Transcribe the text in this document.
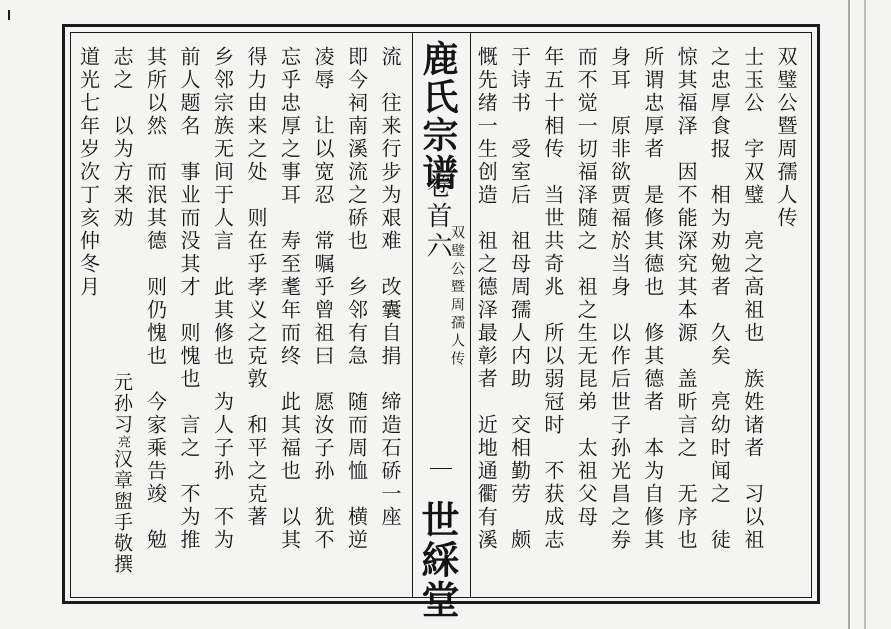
鹿氏宗谱
卷首六
双璧公暨周孺人传
世綵堂
双璧公暨周孺人传
士玉公　字双璧　亮之高祖也　族姓诸者　习以祖
之忠厚食报　相为劝勉者　久矣　亮幼时闻之　徒
惊其福泽　因不能深究其本源　盖昕言之　无序也
所谓忠厚者　是修其德也　修其德者　本为自修其
身耳　原非欲贾福於当身　以作后世子孙光昌之券
而不觉一切福泽随之　祖之生无昆弟　太祖父母
年五十相传　当世共奇兆　所以弱冠时　不获成志
于诗书　受室后　祖母周孺人内助　交相勤劳　颇
慨先绪一生创造　祖之德泽最彰者　近地通衢有溪
流　往来行步为艰难　改囊自捐　缔造石硚一座
即今祠南溪流之硚也　乡邻有急　随而周恤　横逆
凌辱　让以宽忍　常嘱乎曾祖曰　愿汝子孙　犹不
忘乎忠厚之事耳　寿至耄年而终　此其福也　以其
得力由来之处　则在乎孝义之克敦　和平之克著
乡邻宗族无间于人言　此其修也　为人子孙　不为
前人题名　事业而没其才　则愧也　言之　不为推
其所以然　而泯其德　则仍愧也　今家乘告竣　勉
志之　以为方来劝
道光七年岁次丁亥仲冬月
元孙习亮汉章盥手敬撰
